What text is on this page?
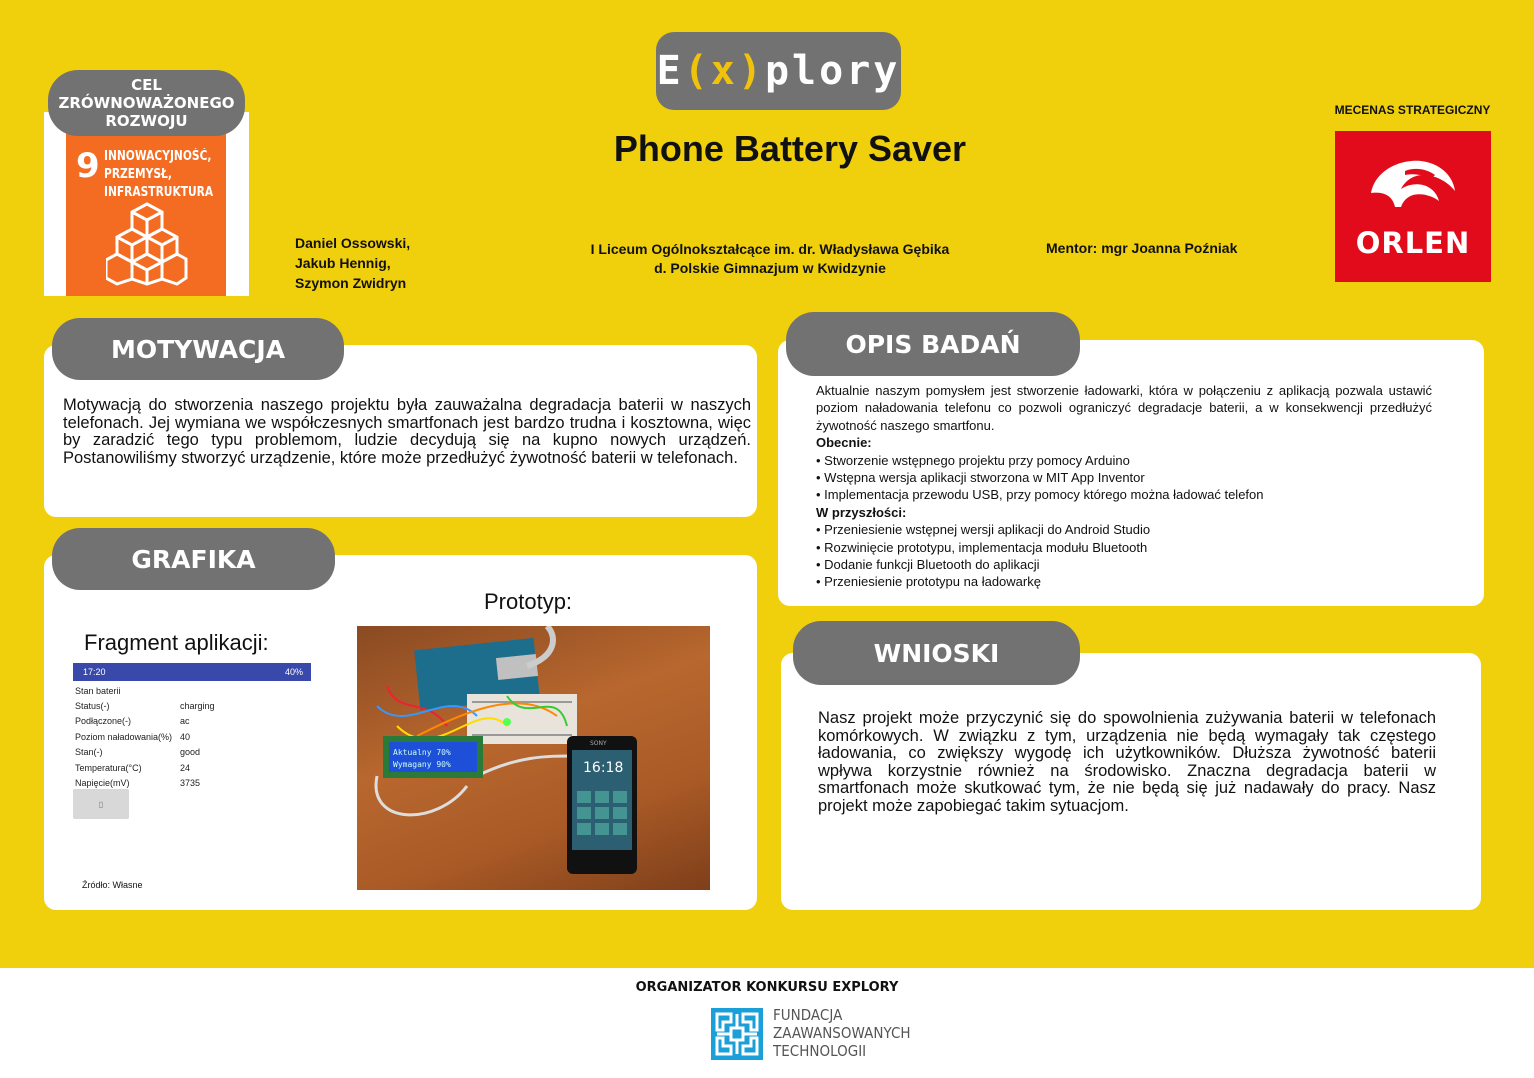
E (x) plory
Phone Battery Saver
9 INNOWACYJNOŚĆ, PRZEMYSŁ, INFRASTRUKTURA
CEL ZRÓWNOWAŻONEGO ROZWOJU
Daniel Ossowski,
Jakub Hennig,
Szymon Zwidryn
I Liceum Ogólnokształcące im. dr. Władysława Gębika
d. Polskie Gimnazjum w Kwidzynie
Mentor: mgr Joanna Poźniak
MECENAS STRATEGICZNY
ORLEN
MOTYWACJA
Motywacją do stworzenia naszego projektu była zauważalna degradacja baterii w naszych telefonach. Jej wymiana we współczesnych smartfonach jest bardzo trudna i kosztowna, więc by zaradzić tego typu problemom, ludzie decydują się na kupno nowych urządzeń. Postanowiliśmy stworzyć urządzenie, które może przedłużyć żywotność baterii w telefonach.
OPIS BADAŃ

Aktualnie naszym pomysłem jest stworzenie ładowarki, która w połączeniu z aplikacją pozwala ustawić poziom naładowania telefonu co pozwoli ograniczyć degradacje baterii, a w konsekwencji przedłużyć żywotność naszego smartfonu.

Obecnie:

• Stworzenie wstępnego projektu przy pomocy Arduino

• Wstępna wersja aplikacji stworzona w MIT App Inventor

• Implementacja przewodu USB, przy pomocy którego można ładować telefon

W przyszłości:

• Przeniesienie wstępnej wersji aplikacji do Android Studio

• Rozwinięcie prototypu, implementacja modułu Bluetooth

• Dodanie funkcji Bluetooth do aplikacji

• Przeniesienie prototypu na ładowarkę

GRAFIKA
Fragment aplikacji:
Prototyp:
17:20	40%
Stan baterii
Status(-)	charging
Podłączone(-)	ac
Poziom naładowania(%) 40
Stan(-)	good
Temperatura(°C)	24
Napięcie(mV)	3735
▯
Źródło: Własne
Aktualny 70%
Wymagany 90%
SONY
16:18
WNIOSKI
Nasz projekt może przyczynić się do spowolnienia zużywania baterii w telefonach komórkowych. W związku z tym, urządzenia nie będą wymagały tak częstego ładowania, co zwiększy wygodę ich użytkowników. Dłuższa żywotność baterii wpływa korzystnie również na środowisko. Znaczna degradacja baterii w smartfonach może skutkować tym, że nie będą się już nadawały do pracy. Nasz projekt może zapobiegać takim sytuacjom.
ORGANIZATOR KONKURSU EXPLORY
FUNDACJA
ZAAWANSOWANYCH
TECHNOLOGII
